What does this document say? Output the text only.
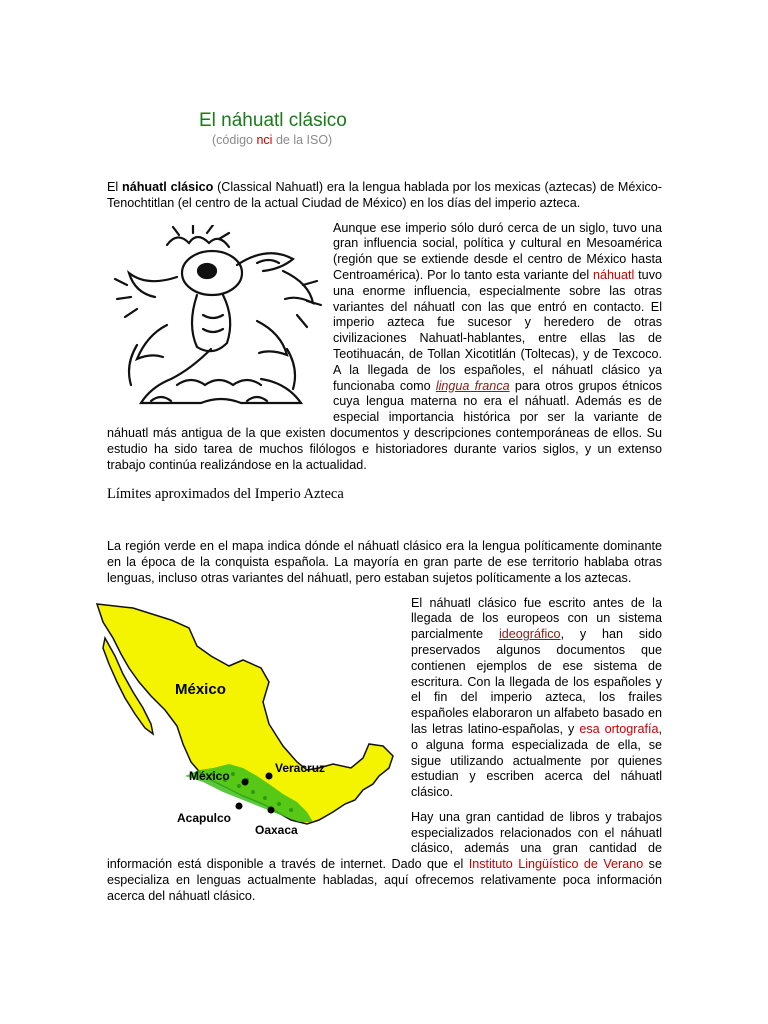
El náhuatl clásico
(código nci de la ISO)

El náhuatl clásico (Classical Nahuatl) era la lengua hablada por los mexicas (aztecas) de México-Tenochtitlan (el centro de la actual Ciudad de México) en los días del imperio azteca.

Aunque ese imperio sólo duró cerca de un siglo, tuvo una gran influencia social, política y cultural en Mesoamérica (región que se extiende desde el centro de México hasta Centroamérica). Por lo tanto esta variante del náhuatl tuvo una enorme influencia, especialmente sobre las otras variantes del náhuatl con las que entró en contacto. El imperio azteca fue sucesor y heredero de otras civilizaciones Nahuatl-hablantes, entre ellas las de Teotihuacán, de Tollan Xicotitlán (Toltecas), y de Texcoco. A la llegada de los españoles, el náhuatl clásico ya funcionaba como lingua franca para otros grupos étnicos cuya lengua materna no era el náhuatl. Además es de especial importancia histórica por ser la variante de náhuatl más antigua de la que existen documentos y descripciones contemporáneas de ellos. Su estudio ha sido tarea de muchos filólogos e historiadores durante varios siglos, y un extenso trabajo continúa realizándose en la actualidad.

Límites aproximados del Imperio Azteca

La región verde en el mapa indica dónde el náhuatl clásico era la lengua políticamente dominante en la época de la conquista española. La mayoría en gran parte de ese territorio hablaba otras lenguas, incluso otras variantes del náhuatl, pero estaban sujetos políticamente a los aztecas.

México
México
Veracruz
Acapulco
Oaxaca
El náhuatl clásico fue escrito antes de la llegada de los europeos con un sistema parcialmente ideográfico, y han sido preservados algunos documentos que contienen ejemplos de ese sistema de escritura. Con la llegada de los españoles y el fin del imperio azteca, los frailes españoles elaboraron un alfabeto basado en las letras latino-españolas, y esa ortografía, o alguna forma especializada de ella, se sigue utilizando actualmente por quienes estudian y escriben acerca del náhuatl clásico.

Hay una gran cantidad de libros y trabajos especializados relacionados con el náhuatl clásico, además una gran cantidad de información está disponible a través de internet. Dado que el Instituto Lingüístico de Verano se especializa en lenguas actualmente habladas, aquí ofrecemos relativamente poca información acerca del náhuatl clásico.
